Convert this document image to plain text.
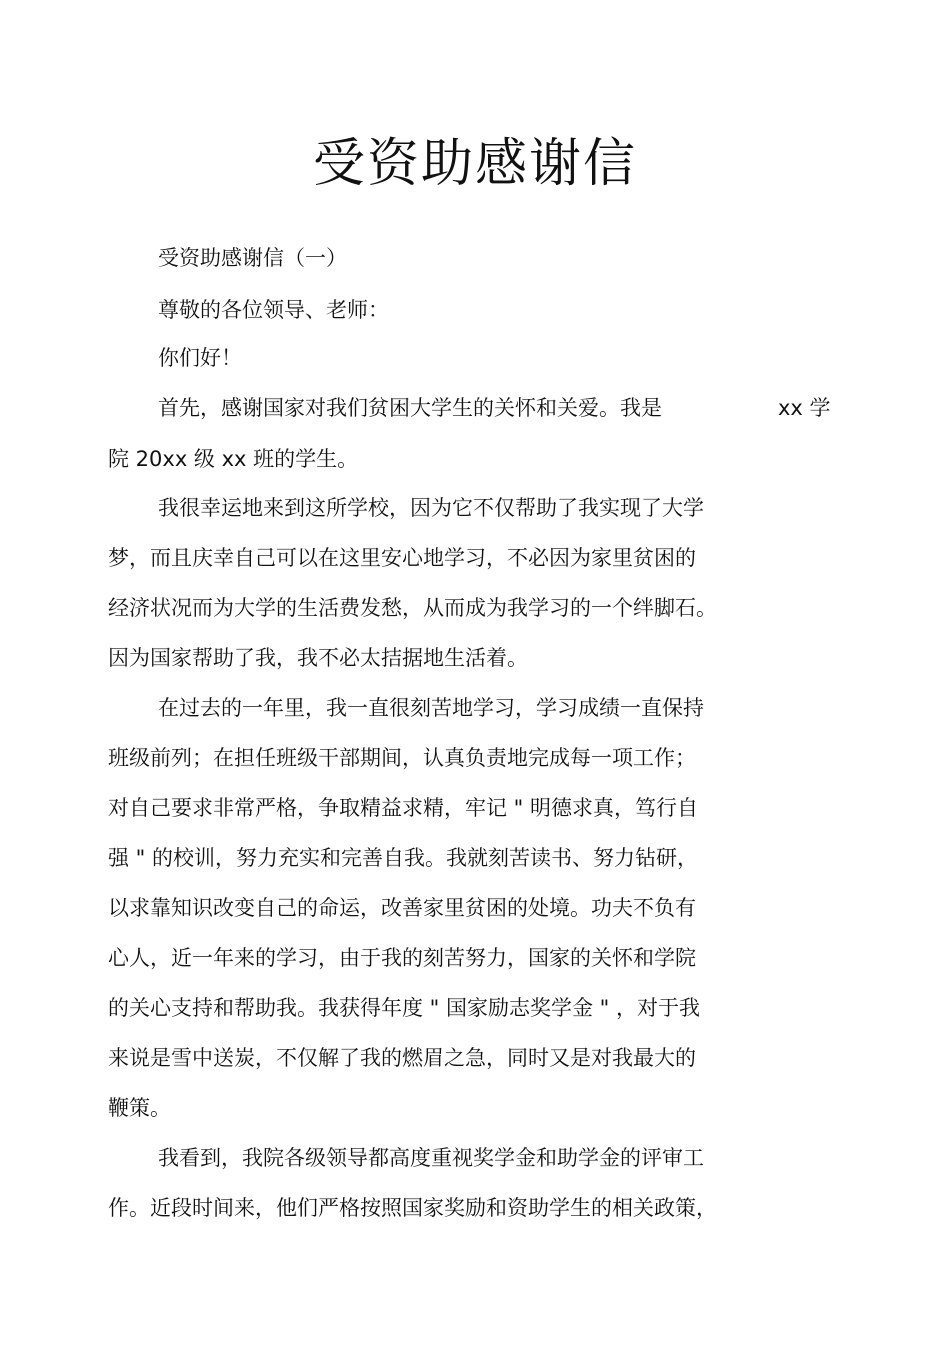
受资助感谢信

受资助感谢信（一）

尊敬的各位领导、老师：

你们好！

首先，感谢国家对我们贫困大学生的关怀和关爱。我是	xx 学

院 20xx 级 xx 班的学生。

我很幸运地来到这所学校，因为它不仅帮助了我实现了大学

梦，而且庆幸自己可以在这里安心地学习，不必因为家里贫困的

经济状况而为大学的生活费发愁，从而成为我学习的一个绊脚石。

因为国家帮助了我，我不必太拮据地生活着。

在过去的一年里，我一直很刻苦地学习，学习成绩一直保持

班级前列；在担任班级干部期间，认真负责地完成每一项工作；

对自己要求非常严格，争取精益求精，牢记 " 明德求真，笃行自

强 " 的校训，努力充实和完善自我。我就刻苦读书、努力钻研，

以求靠知识改变自己的命运，改善家里贫困的处境。功夫不负有

心人，近一年来的学习，由于我的刻苦努力，国家的关怀和学院

的关心支持和帮助我。我获得年度 " 国家励志奖学金 " ，对于我

来说是雪中送炭，不仅解了我的燃眉之急，同时又是对我最大的

鞭策。

我看到，我院各级领导都高度重视奖学金和助学金的评审工

作。近段时间来，他们严格按照国家奖励和资助学生的相关政策，
